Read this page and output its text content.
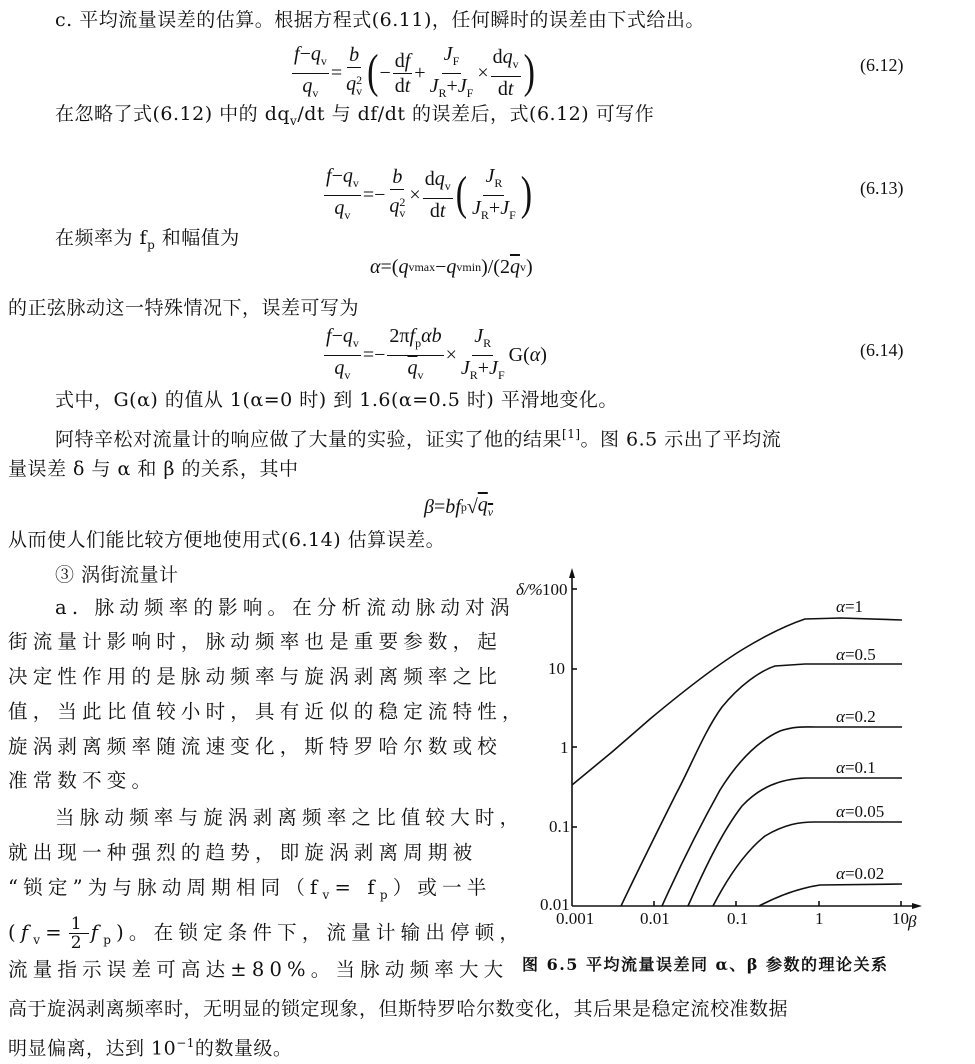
c. 平均流量误差的估算。根据方程式(6.11)，任何瞬时的误差由下式给出。
$\frac{f-q_v}{q_v} = \frac{b}{q^2_v}$ ( − $\frac{df}{dt} + \frac{J_F}{J_R+J_F} \times \frac{dq_v}{dt}$ )	(6.12)
在忽略了式(6.12) 中的 $dq_v/dt$ 与 df/dt 的误差后，式(6.12) 可写作
$\frac{f-q_v}{q_v} =- \frac{b}{q^2_v} \times \frac{dq_v}{dt}$ ( $\frac{J_R}{J_R+J_F}$ )	(6.13)
在频率为 $f_p$ 和幅值为
α =( q vmax − q vmin )/(2 $\overline{q}$ v )
的正弦脉动这一特殊情况下，误差可写为
$\frac{f-q_v}{q_v} =- \frac{2\pi f_p\alpha b}{\overline{q}_v} \times \frac{J_R}{J_R+J_F} G$( α )	(6.14)
式中，G(α) 的值从 1(α=0 时) 到 1.6(α=0.5 时) 平滑地变化。
阿特辛松对流量计的响应做了大量的实验，证实了他的结果[1]。图 6.5 示出了平均流
量误差 δ 与 α 和 β 的关系，其中
β = bf p √ $q_v$
从而使人们能比较方便地使用式(6.14) 估算误差。
③ 涡街流量计
a. 脉动频率的影响。在分析流动脉动对涡
街流量计影响时，脉动频率也是重要参数，起
决定性作用的是脉动频率与旋涡剥离频率之比
值，当此比值较小时，具有近似的稳定流特性，
旋涡剥离频率随流速变化，斯特罗哈尔数或校
准常数不变。
当脉动频率与旋涡剥离频率之比值较大时，
就出现一种强烈的趋势，即旋涡剥离周期被
“锁定”为与脉动周期相同$(f_v= f_p)$或一半
$(f_v= \frac{1}{2} f_p)$。在锁定条件下，流量计输出停顿，
流量指示误差可高达±80%。当脉动频率大大
高于旋涡剥离频率时，无明显的锁定现象，但斯特罗哈尔数变化，其后果是稳定流校准数据
明显偏离，达到 $10^{-1}$的数量级。
δ/% 100
10
1
0.1
0.01
0.001	0.01	0.1	1	10 β
α=1
α=0.5
α=0.2
α=0.1
α=0.05
α=0.02
图 6.5 平均流量误差同 α、β 参数的理论关系
